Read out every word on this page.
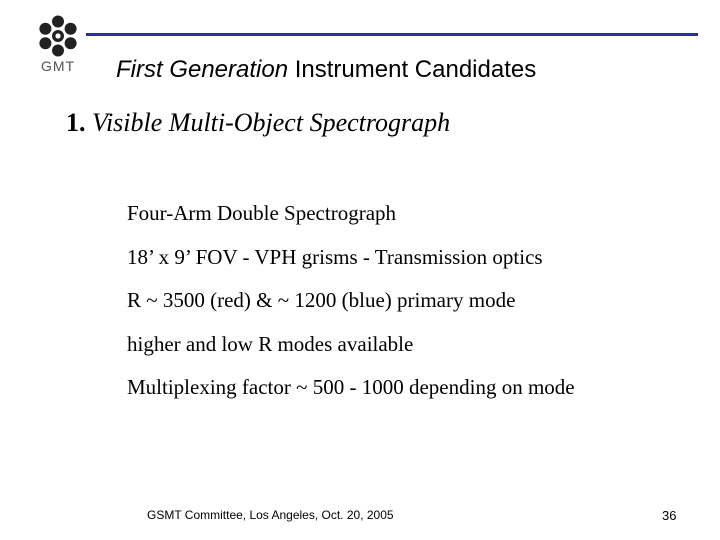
GMT First Generation Instrument Candidates
1. Visible Multi-Object Spectrograph
Four-Arm Double Spectrograph
18’ x 9’ FOV - VPH grisms - Transmission optics
R ~ 3500 (red) & ~ 1200 (blue) primary mode
higher and low R modes available
Multiplexing factor ~ 500 - 1000 depending on mode
GSMT Committee, Los Angeles, Oct. 20, 2005	36
